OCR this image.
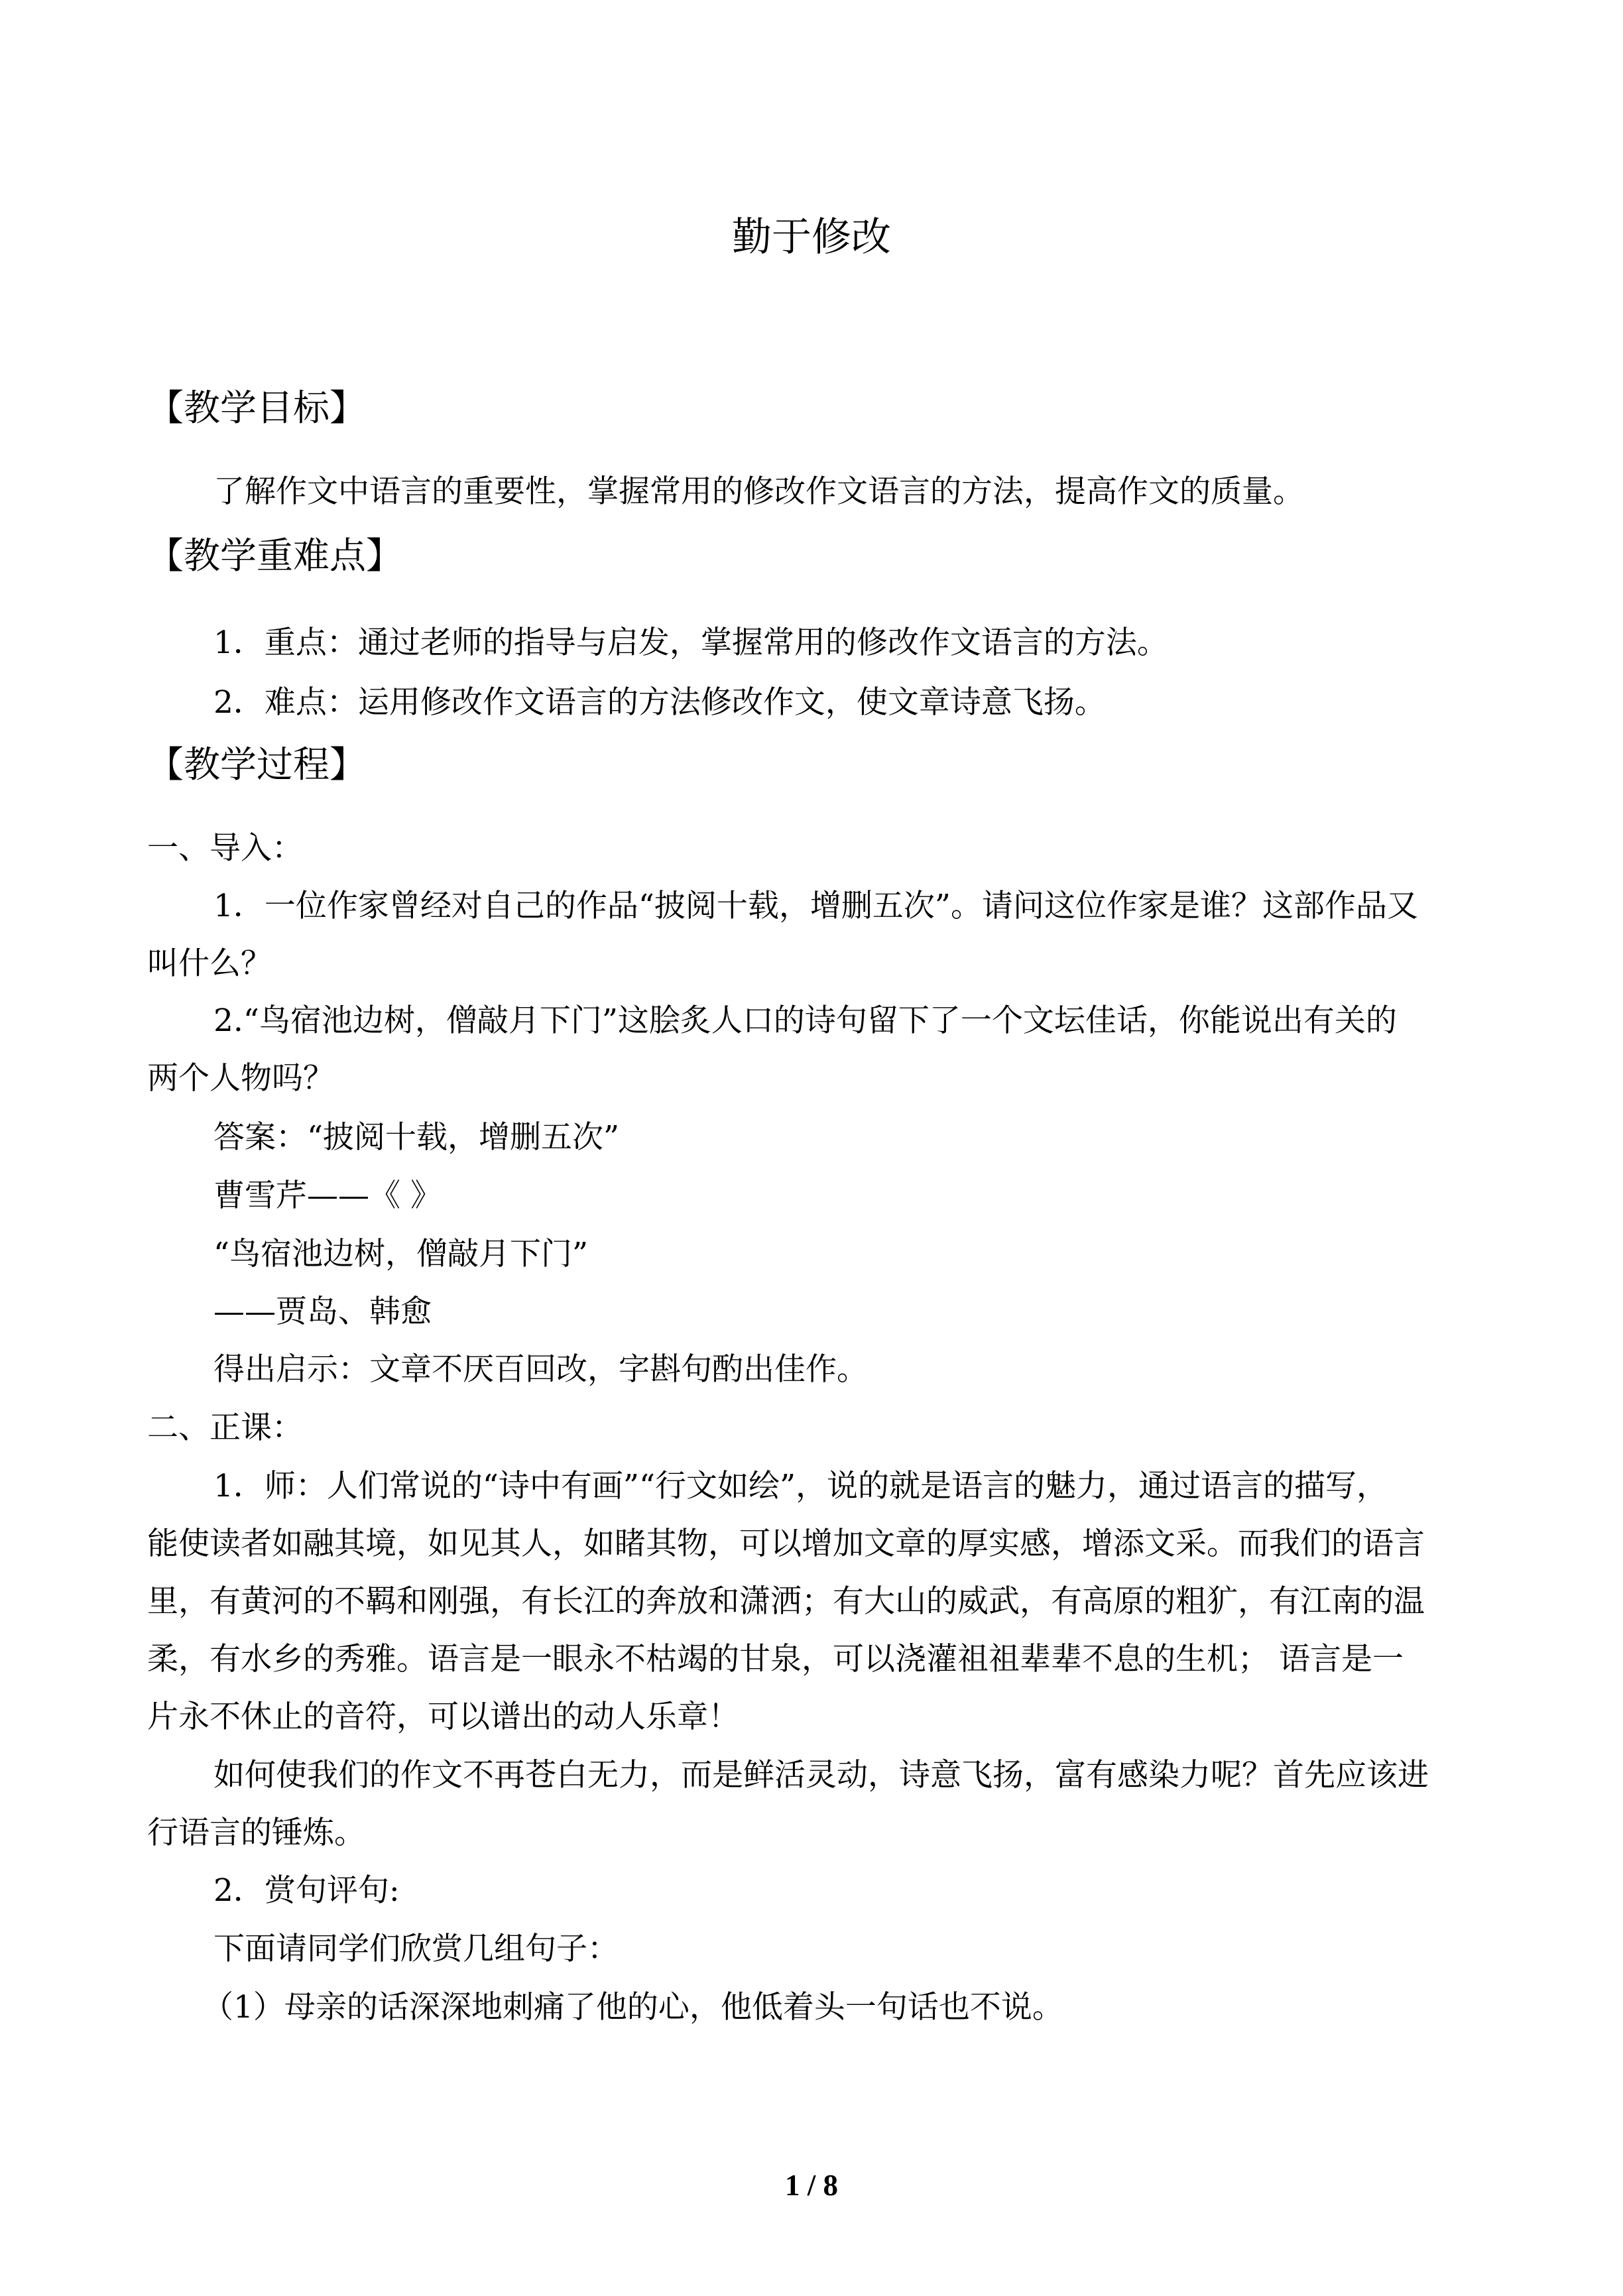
勤于修改
【教学目标】
了解作文中语言的重要性，掌握常用的修改作文语言的方法，提高作文的质量。
【教学重难点】
1．重点：通过老师的指导与启发，掌握常用的修改作文语言的方法。
2．难点：运用修改作文语言的方法修改作文，使文章诗意飞扬。
【教学过程】
一、导入：
1．一位作家曾经对自己的作品“披阅十载，增删五次”。请问这位作家是谁？这部作品又
叫什么？
2.“鸟宿池边树，僧敲月下门”这脍炙人口的诗句留下了一个文坛佳话，你能说出有关的
两个人物吗？
答案：“披阅十载，增删五次”
曹雪芹——《 》
“鸟宿池边树，僧敲月下门”
——贾岛、韩愈
得出启示：文章不厌百回改，字斟句酌出佳作。
二、正课：
1．师：人们常说的“诗中有画”“行文如绘”，说的就是语言的魅力，通过语言的描写，
能使读者如融其境，如见其人，如睹其物，可以增加文章的厚实感，增添文采。而我们的语言
里，有黄河的不羁和刚强，有长江的奔放和潇洒；有大山的威武，有高原的粗犷，有江南的温
柔，有水乡的秀雅。语言是一眼永不枯竭的甘泉，可以浇灌祖祖辈辈不息的生机； 语言是一
片永不休止的音符，可以谱出的动人乐章！
如何使我们的作文不再苍白无力，而是鲜活灵动，诗意飞扬，富有感染力呢？首先应该进
行语言的锤炼。
2．赏句评句:
下面请同学们欣赏几组句子：
（1）母亲的话深深地刺痛了他的心，他低着头一句话也不说。
1 / 8
